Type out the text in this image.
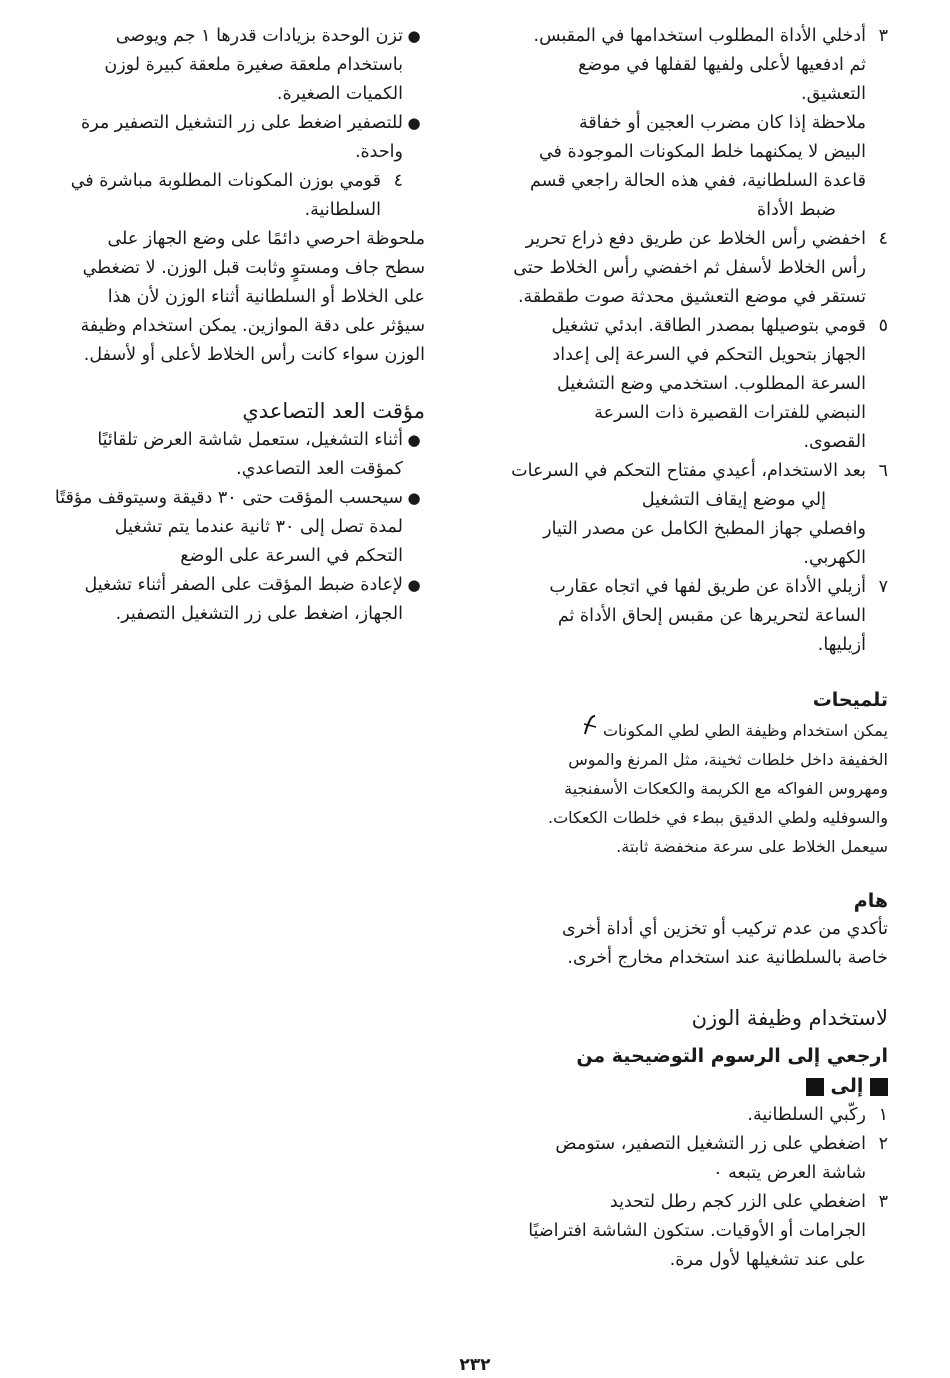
٣

أدخلي الأداة المطلوب استخدامها في المقبس.

ثم ادفعيها لأعلى ولفيها لقفلها في موضع

التعشيق.

ملاحظة إذا كان مضرب العجين أو خفاقة

البيض لا يمكنهما خلط المكونات الموجودة في

قاعدة السلطانية، ففي هذه الحالة راجعي قسم

ضبط الأداة

٤

اخفضي رأس الخلاط عن طريق دفع ذراع تحرير

رأس الخلاط لأسفل ثم اخفضي رأس الخلاط حتى

تستقر في موضع التعشيق محدثة صوت طقطقة.

٥

قومي بتوصيلها بمصدر الطاقة. ابدئي تشغيل

الجهاز بتحويل التحكم في السرعة إلى إعداد

السرعة المطلوب. استخدمي وضع التشغيل

النبضي للفترات القصيرة ذات السرعة

القصوى.

٦

بعد الاستخدام، أعيدي مفتاح التحكم في السرعات

إلي موضع إيقاف التشغيل

وافصلي جهاز المطبخ الكامل عن مصدر التيار

الكهربي.

٧

أزيلي الأداة عن طريق لفها في اتجاه عقارب

الساعة لتحريرها عن مقبس إلحاق الأداة ثم

أزيليها.

تلميحات
يمكن استخدام وظيفة الطي لطي المكونات
الخفيفة داخل خلطات ثخينة، مثل المرنغ والموس
ومهروس الفواكه مع الكريمة والكعكات الأسفنجية
والسوفليه ولطي الدقيق ببطء في خلطات الكعكات.
سيعمل الخلاط على سرعة منخفضة ثابتة.
هام

تأكدي من عدم تركيب أو تخزين أي أداة أخرى

خاصة بالسلطانية عند استخدام مخارج أخرى.

لاستخدام وظيفة الوزن
ارجعي إلى الرسوم التوضيحية من
إلى
١

ركّبي السلطانية.

٢

اضغطي على زر التشغيل التصفير، ستومض

شاشة العرض يتبعه ٠

٣

اضغطي على الزر كجم رطل لتحديد

الجرامات أو الأوقيات. ستكون الشاشة افتراضيًا

على عند تشغيلها لأول مرة.

●

تزن الوحدة بزيادات قدرها ١ جم ويوصى

باستخدام ملعقة صغيرة ملعقة كبيرة لوزن

الكميات الصغيرة.

●

للتصفير اضغط على زر التشغيل التصفير مرة

واحدة.

٤

قومي بوزن المكونات المطلوبة مباشرة في

السلطانية.

ملحوظة احرصي دائمًا على وضع الجهاز على

سطح جاف ومستوٍ وثابت قبل الوزن. لا تضغطي

على الخلاط أو السلطانية أثناء الوزن لأن هذا

سيؤثر على دقة الموازين. يمكن استخدام وظيفة

الوزن سواء كانت رأس الخلاط لأعلى أو لأسفل.

مؤقت العد التصاعدي
●

أثناء التشغيل، ستعمل شاشة العرض تلقائيًا

كمؤقت العد التصاعدي.

●

سيحسب المؤقت حتى ٣٠ دقيقة وسيتوقف مؤقتًا

لمدة تصل إلى ٣٠ ثانية عندما يتم تشغيل

التحكم في السرعة على الوضع

●

لإعادة ضبط المؤقت على الصفر أثناء تشغيل

الجهاز، اضغط على زر التشغيل التصفير.

٢٣٢
